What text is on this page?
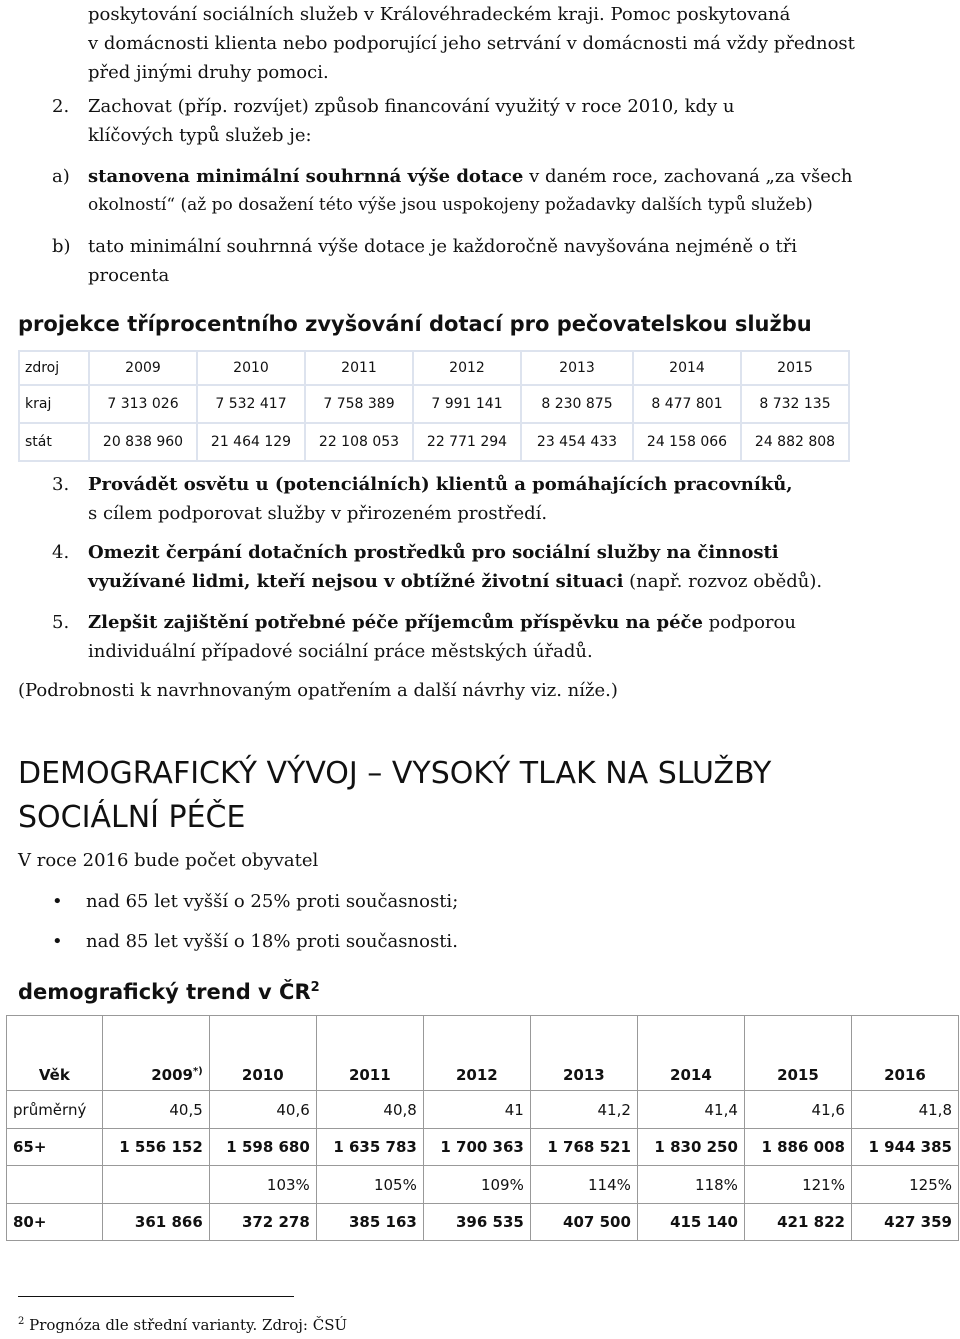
poskytování sociálních služeb v Královéhradeckém kraji. Pomoc poskytovaná
v domácnosti klienta nebo podporující jeho setrvání v domácnosti má vždy přednost
před jinými druhy pomoci.
2. Zachovat (příp. rozvíjet) způsob financování využitý v roce 2010, kdy u
klíčových typů služeb je:
a) stanovena minimální souhrnná výše dotace v daném roce, zachovaná „za všech
okolností“ (až po dosažení této výše jsou uspokojeny požadavky dalších typů služeb)
b) tato minimální souhrnná výše dotace je každoročně navyšována nejméně o tři
procenta
projekce tříprocentního zvyšování dotací pro pečovatelskou službu
zdroj	2009	2010	2011	2012	2013	2014	2015
kraj	7 313 026	7 532 417	7 758 389	7 991 141	8 230 875	8 477 801	8 732 135
stát	20 838 960	21 464 129	22 108 053	22 771 294	23 454 433	24 158 066	24 882 808
3. Provádět osvětu u (potenciálních) klientů a pomáhajících pracovníků,
s cílem podporovat služby v přirozeném prostředí.
4. Omezit čerpání dotačních prostředků pro sociální služby na činnosti
využívané lidmi, kteří nejsou v obtížné životní situaci (např. rozvoz obědů).
5. Zlepšit zajištění potřebné péče příjemcům příspěvku na péče podporou
individuální případové sociální práce městských úřadů.
(Podrobnosti k navrhnovaným opatřením a další návrhy viz. níže.)
DEMOGRAFICKÝ VÝVOJ – VYSOKÝ TLAK NA SLUŽBY
SOCIÁLNÍ PÉČE
V roce 2016 bude počet obyvatel
• nad 65 let vyšší o 25% proti současnosti;
• nad 85 let vyšší o 18% proti současnosti.
demografický trend v $ČR^2$
Věk	2009*)	2010	2011	2012	2013	2014	2015	2016
průměrný	40,5	40,6	40,8	41	41,2	41,4	41,6	41,8
65+	1 556 152	1 598 680	1 635 783	1 700 363	1 768 521	1 830 250	1 886 008	1 944 385
		103%	105%	109%	114%	118%	121%	125%
80+	361 866	372 278	385 163	396 535	407 500	415 140	421 822	427 359
$^2$ Prognóza dle střední varianty. Zdroj: ČSÚ
